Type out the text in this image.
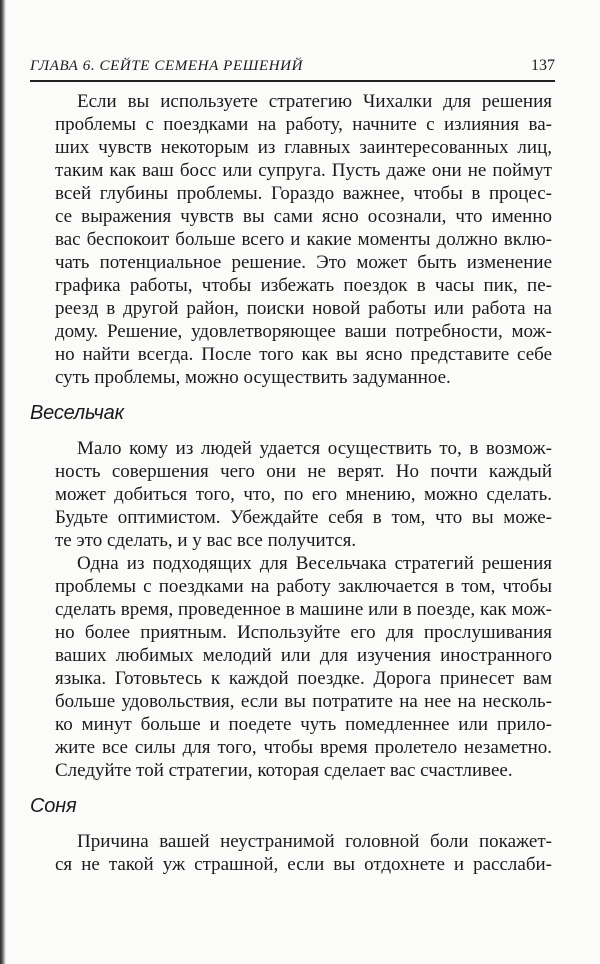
ГЛАВА 6. СЕЙТЕ СЕМЕНА РЕШЕНИЙ	137
Если вы используете стратегию Чихалки для решения
проблемы с поездками на работу, начните с излияния ва-
ших чувств некоторым из главных заинтересованных лиц,
таким как ваш босс или супруга. Пусть даже они не поймут
всей глубины проблемы. Гораздо важнее, чтобы в процес-
се выражения чувств вы сами ясно осознали, что именно
вас беспокоит больше всего и какие моменты должно вклю-
чать потенциальное решение. Это может быть изменение
графика работы, чтобы избежать поездок в часы пик, пе-
реезд в другой район, поиски новой работы или работа на
дому. Решение, удовлетворяющее ваши потребности, мож-
но найти всегда. После того как вы ясно представите себе
суть проблемы, можно осуществить задуманное.
Весельчак
Мало кому из людей удается осуществить то, в возмож-
ность совершения чего они не верят. Но почти каждый
может добиться того, что, по его мнению, можно сделать.
Будьте оптимистом. Убеждайте себя в том, что вы може-
те это сделать, и у вас все получится.
Одна из подходящих для Весельчака стратегий решения
проблемы с поездками на работу заключается в том, чтобы
сделать время, проведенное в машине или в поезде, как мож-
но более приятным. Используйте его для прослушивания
ваших любимых мелодий или для изучения иностранного
языка. Готовьтесь к каждой поездке. Дорога принесет вам
больше удовольствия, если вы потратите на нее на несколь-
ко минут больше и поедете чуть помедленнее или прило-
жите все силы для того, чтобы время пролетело незаметно.
Следуйте той стратегии, которая сделает вас счастливее.
Соня
Причина вашей неустранимой головной боли покажет-
ся не такой уж страшной, если вы отдохнете и расслаби-
